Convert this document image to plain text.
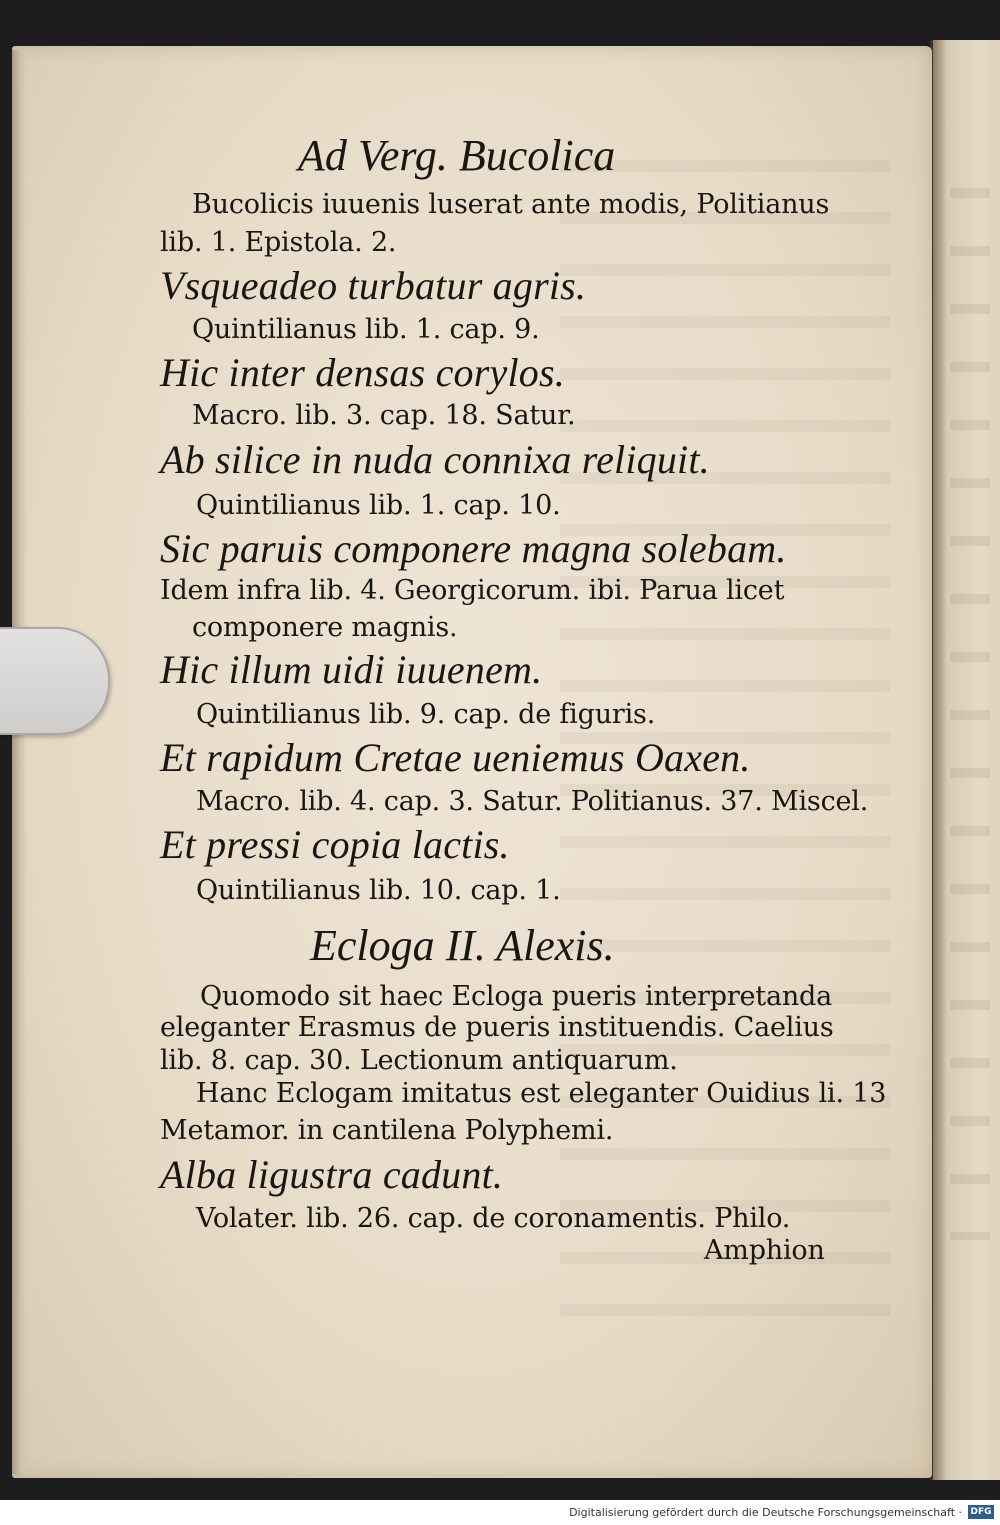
Ad Verg. Bucolica
Bucolicis iuuenis luserat ante modis, Politianus
lib. 1. Epistola. 2.
Vsqueadeo turbatur agris.
Quintilianus lib. 1. cap. 9.
Hic inter densas corylos.
Macro. lib. 3. cap. 18. Satur.
Ab silice in nuda connixa reliquit.
Quintilianus lib. 1. cap. 10.
Sic paruis componere magna solebam.
Idem infra lib. 4. Georgicorum. ibi. Parua licet
componere magnis.
Hic illum uidi iuuenem.
Quintilianus lib. 9. cap. de figuris.
Et rapidum Cretae ueniemus Oaxen.
Macro. lib. 4. cap. 3. Satur. Politianus. 37. Miscel.
Et pressi copia lactis.
Quintilianus lib. 10. cap. 1.
Ecloga II. Alexis.
Quomodo sit haec Ecloga pueris interpretanda
eleganter Erasmus de pueris instituendis. Caelius
lib. 8. cap. 30. Lectionum antiquarum.
Hanc Eclogam imitatus est eleganter Ouidius li. 13
Metamor. in cantilena Polyphemi.
Alba ligustra cadunt.
Volater. lib. 26. cap. de coronamentis. Philo.
Amphion
Digitalisierung gefördert durch die Deutsche Forschungsgemeinschaft · DFG
